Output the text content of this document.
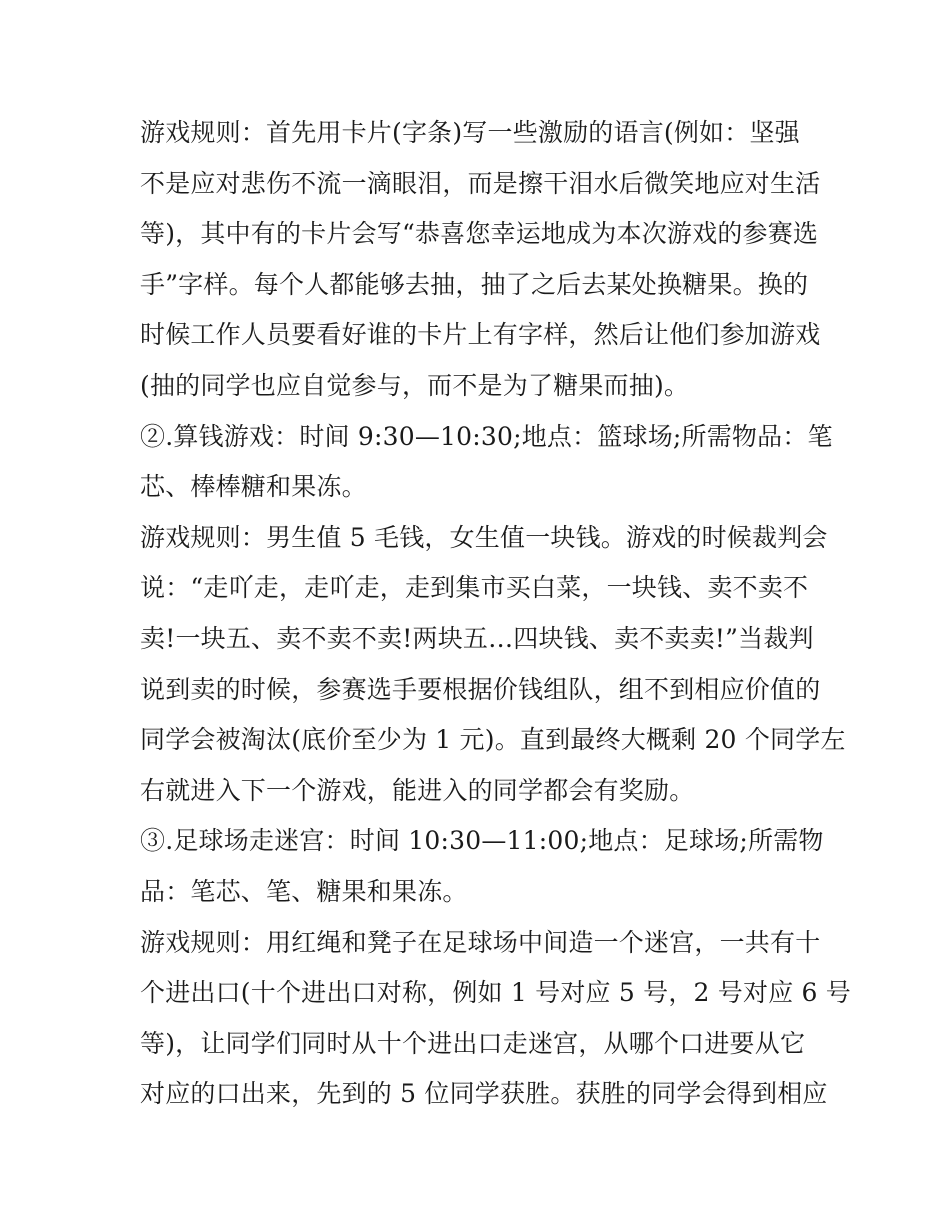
游戏规则：首先用卡片(字条)写一些激励的语言(例如：坚强
不是应对悲伤不流一滴眼泪，而是擦干泪水后微笑地应对生活
等)，其中有的卡片会写“恭喜您幸运地成为本次游戏的参赛选
手”字样。每个人都能够去抽，抽了之后去某处换糖果。换的
时候工作人员要看好谁的卡片上有字样，然后让他们参加游戏
(抽的同学也应自觉参与，而不是为了糖果而抽)。
②.算钱游戏：时间 9:30—10:30;地点：篮球场;所需物品：笔
芯、棒棒糖和果冻。
游戏规则：男生值 5 毛钱，女生值一块钱。游戏的时候裁判会
说：“走吖走，走吖走，走到集市买白菜，一块钱、卖不卖不
卖!一块五、卖不卖不卖!两块五…四块钱、卖不卖卖!”当裁判
说到卖的时候，参赛选手要根据价钱组队，组不到相应价值的
同学会被淘汰(底价至少为 1 元)。直到最终大概剩 20 个同学左
右就进入下一个游戏，能进入的同学都会有奖励。
③.足球场走迷宫：时间 10:30—11:00;地点：足球场;所需物
品：笔芯、笔、糖果和果冻。
游戏规则：用红绳和凳子在足球场中间造一个迷宫，一共有十
个进出口(十个进出口对称，例如 1 号对应 5 号，2 号对应 6 号
等)，让同学们同时从十个进出口走迷宫，从哪个口进要从它
对应的口出来，先到的 5 位同学获胜。获胜的同学会得到相应
